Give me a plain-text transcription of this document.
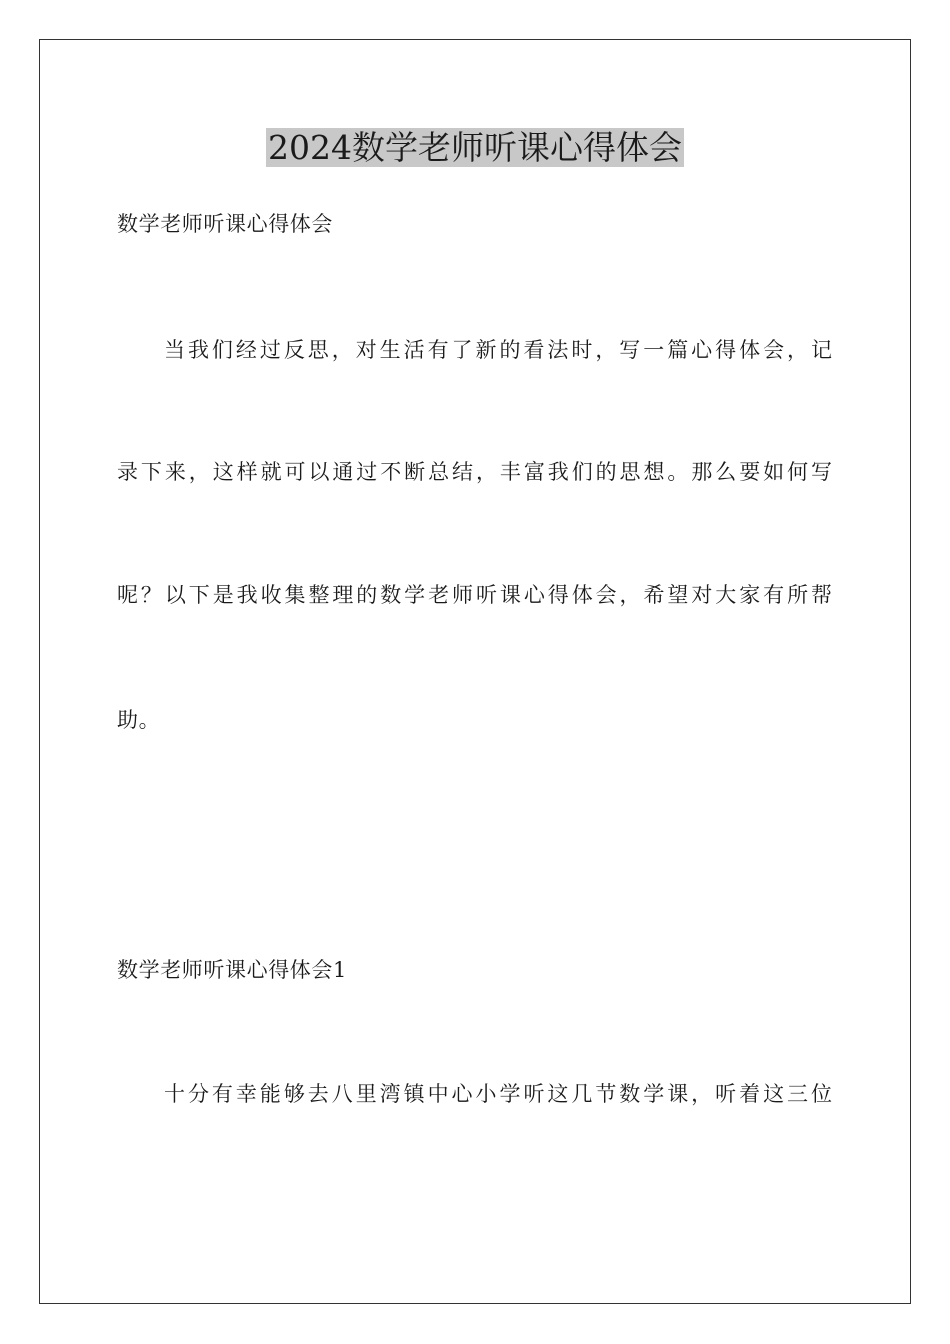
2024数学老师听课心得体会

数学老师听课心得体会

当我们经过反思，对生活有了新的看法时，写一篇心得体会，记

录下来，这样就可以通过不断总结，丰富我们的思想。那么要如何写

呢？以下是我收集整理的数学老师听课心得体会，希望对大家有所帮

助。

数学老师听课心得体会1

十分有幸能够去八里湾镇中心小学听这几节数学课，听着这三位
